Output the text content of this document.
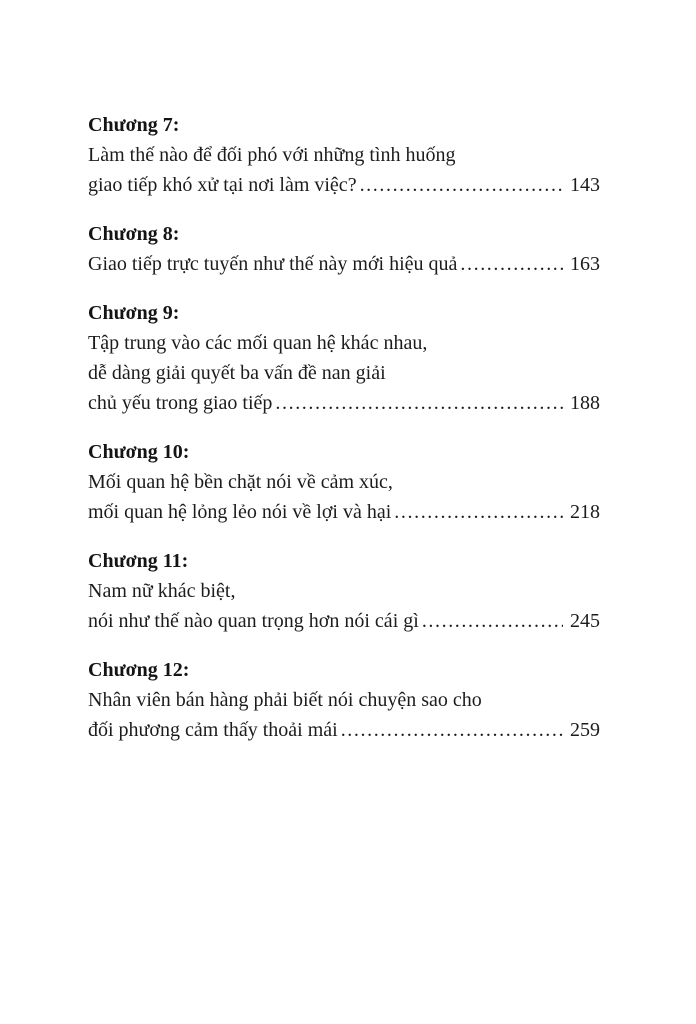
Chương 7:

Làm thế nào để đối phó với những tình huống

giao tiếp khó xử tại nơi làm việc? .....	143

Chương 8:

Giao tiếp trực tuyến như thế này mới hiệu quả .....	163

Chương 9:

Tập trung vào các mối quan hệ khác nhau,

dễ dàng giải quyết ba vấn đề nan giải

chủ yếu trong giao tiếp .....	188

Chương 10:

Mối quan hệ bền chặt nói về cảm xúc,

mối quan hệ lỏng lẻo nói về lợi và hại .....	218

Chương 11:

Nam nữ khác biệt,

nói như thế nào quan trọng hơn nói cái gì .....	245

Chương 12:

Nhân viên bán hàng phải biết nói chuyện sao cho

đối phương cảm thấy thoải mái .....	259
